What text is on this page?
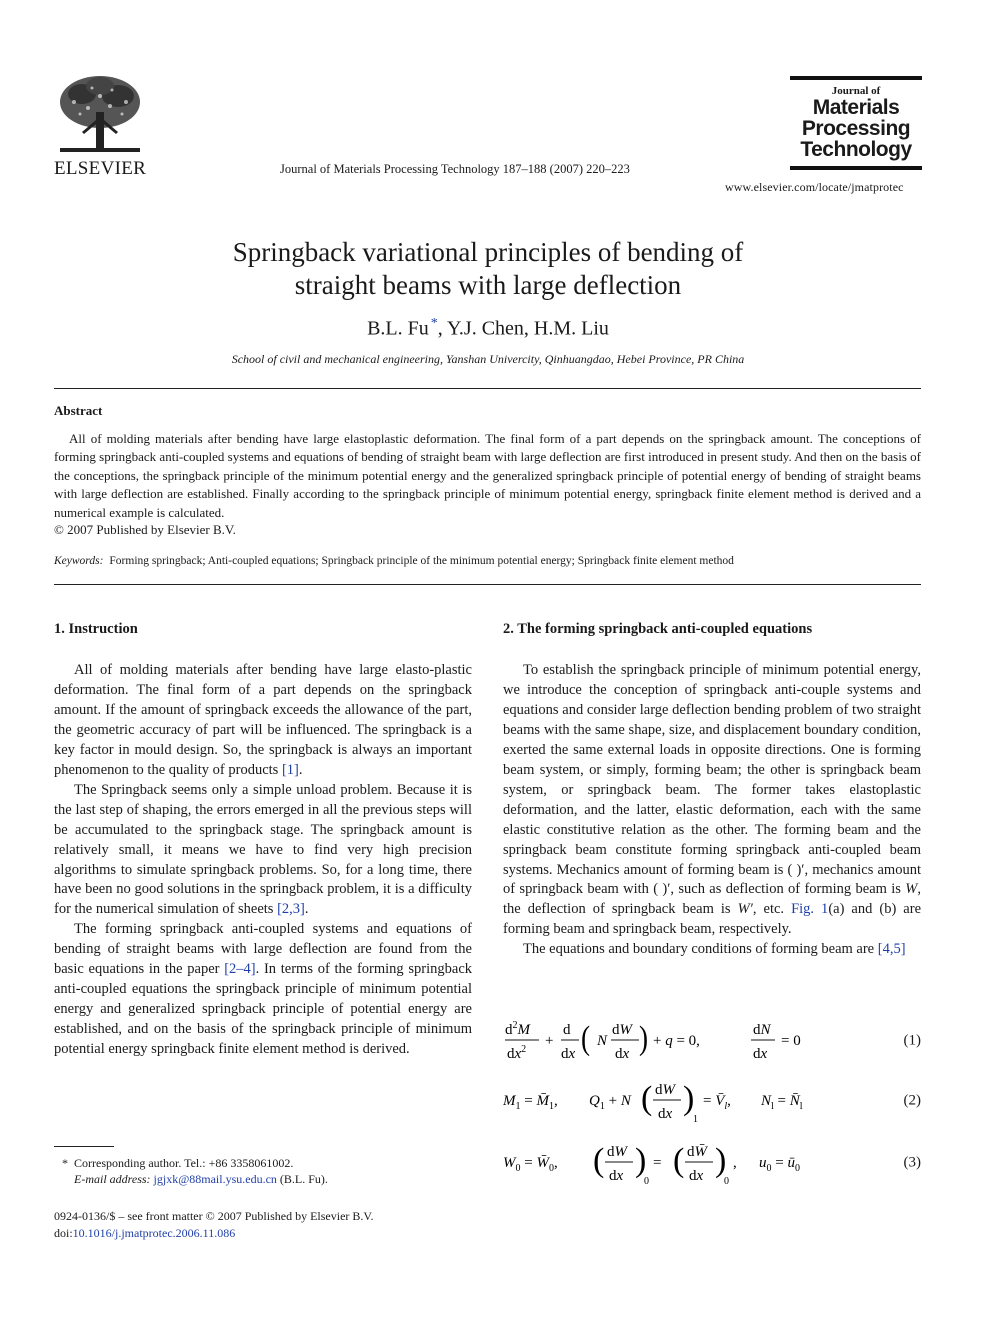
ELSEVIER	Journal of Materials Processing Technology 187–188 (2007) 220–223
Journal of
Materials
Processing
Technology
www.elsevier.com/locate/jmatprotec
Springback variational principles of bending of
straight beams with large deflection
B.L. Fu *, Y.J. Chen, H.M. Liu
School of civil and mechanical engineering, Yanshan Univercity, Qinhuangdao, Hebei Province, PR China
Abstract
All of molding materials after bending have large elastoplastic deformation. The final form of a part depends on the springback amount. The conceptions of forming springback anti-coupled systems and equations of bending of straight beam with large deflection are first introduced in present study. And then on the basis of the conceptions, the springback principle of the minimum potential energy and the generalized springback principle of potential energy of bending of straight beams with large deflection are established. Finally according to the springback principle of minimum potential energy, springback finite element method is derived and a numerical example is calculated.
© 2007 Published by Elsevier B.V.
Keywords: Forming springback; Anti-coupled equations; Springback principle of the minimum potential energy; Springback finite element method
1. Instruction

All of molding materials after bending have large elasto-plastic deformation. The final form of a part depends on the springback amount. If the amount of springback exceeds the allowance of the part, the geometric accuracy of part will be influenced. The springback is a key factor in mould design. So, the springback is always an important phenomenon to the quality of products [1].

The Springback seems only a simple unload problem. Because it is the last step of shaping, the errors emerged in all the previous steps will be accumulated to the springback stage. The springback amount is relatively small, it means we have to find very high precision algorithms to simulate springback problems. So, for a long time, there have been no good solutions in the springback problem, it is a difficulty for the numerical simulation of sheets [2,3].

The forming springback anti-coupled systems and equations of bending of straight beams with large deflection are found from the basic equations in the paper [2–4]. In terms of the forming springback anti-coupled equations the springback principle of minimum potential energy and generalized springback principle of potential energy are established, and on the basis of the springback principle of minimum potential energy springback finite element method is derived.

2. The forming springback anti-coupled equations

To establish the springback principle of minimum potential energy, we introduce the conception of springback anti-couple systems and equations and consider large deflection bending problem of two straight beams with the same shape, size, and displacement boundary condition, exerted the same external loads in opposite directions. One is forming beam system, or simply, forming beam; the other is springback beam system, or springback beam. The former takes elastoplastic deformation, and the latter, elastic deformation, each with the same elastic constitutive relation as the other. The forming beam and the springback beam constitute forming springback anti-coupled beam systems. Mechanics amount of forming beam is ( )′, mechanics amount of springback beam with ( )′, such as deflection of forming beam is W, the deflection of springback beam is W′, etc. Fig. 1(a) and (b) are forming beam and springback beam, respectively.

The equations and boundary conditions of forming beam are [4,5]

$d^2M$
$dx^2$
+
d
dx ( N
dW
dx ) + q = 0,
dN
dx
= 0	(1)
$M_1$ = $M̄_1$, $Q_1 + N$ ( dW
dx )
1
= $V̄_l$, $N_l$ = $N̄_l$	(2)
$W_0$ = $W̄_0$, ( dW
dx )
0
= ( dW̄
dx )
0
, $u_0$ = $ū_0$	(3)
* Corresponding author. Tel.: +86 3358061002.
E-mail address: jgjxk@88mail.ysu.edu.cn (B.L. Fu).
0924-0136/$ – see front matter © 2007 Published by Elsevier B.V.
doi:10.1016/j.jmatprotec.2006.11.086
